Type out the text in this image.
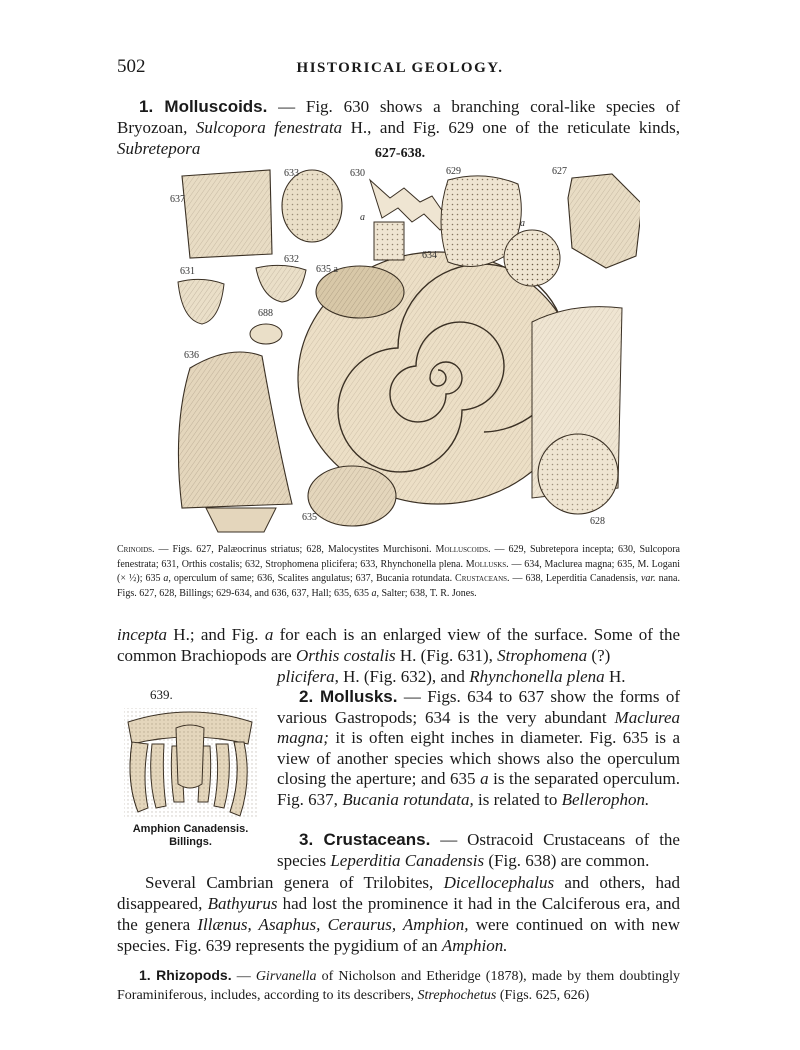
502	HISTORICAL GEOLOGY.

1. Molluscoids. — Fig. 630 shows a branching coral-like species of Bryozoan, Sulcopora fenestrata H., and Fig. 629 one of the reticulate kinds, Subretepora	627-638.
637
633	630	629	627
632
635 a
634
631
688
636
635	628
a
a
Crinoids. — Figs. 627, Palæocrinus striatus; 628, Malocystites Murchisoni. Molluscoids. — 629, Subretepora incepta; 630, Sulcopora fenestrata; 631, Orthis costalis; 632, Strophomena plicifera; 633, Rhynchonella plena. Mollusks. — 634, Maclurea magna; 635, M. Logani (× ½); 635 a, operculum of same; 636, Scalites angulatus; 637, Bucania rotundata. Crustaceans. — 638, Leperditia Canadensis, var. nana. Figs. 627, 628, Billings; 629-634, and 636, 637, Hall; 635, 635 a, Salter; 638, T. R. Jones.
incepta H.; and Fig. a for each is an enlarged view of the surface. Some of the common Brachiopods are Orthis costalis H. (Fig. 631), Strophomena (?)
plicifera, H. (Fig. 632), and Rhynchonella plena H.
639.
Amphion Canadensis.
Billings.
2. Mollusks. — Figs. 634 to 637 show the forms of various Gastropods; 634 is the very abundant Maclurea magna; it is often eight inches in diameter. Fig. 635 is a view of another species which shows also the operculum closing the aperture; and 635 a is the separated operculum. Fig. 637, Bucania rotundata, is related to Bellerophon.
3. Crustaceans. — Ostracoid Crustaceans of the species Leperditia Canadensis (Fig. 638) are common.
Several Cambrian genera of Trilobites, Dicellocephalus and others, had disappeared, Bathyurus had lost the prominence it had in the Calciferous era, and the genera Illænus, Asaphus, Ceraurus, Amphion, were continued on with new species. Fig. 639 represents the pygidium of an Amphion.
1. Rhizopods. — Girvanella of Nicholson and Etheridge (1878), made by them doubtingly Foraminiferous, includes, according to its describers, Strephochetus (Figs. 625, 626)
